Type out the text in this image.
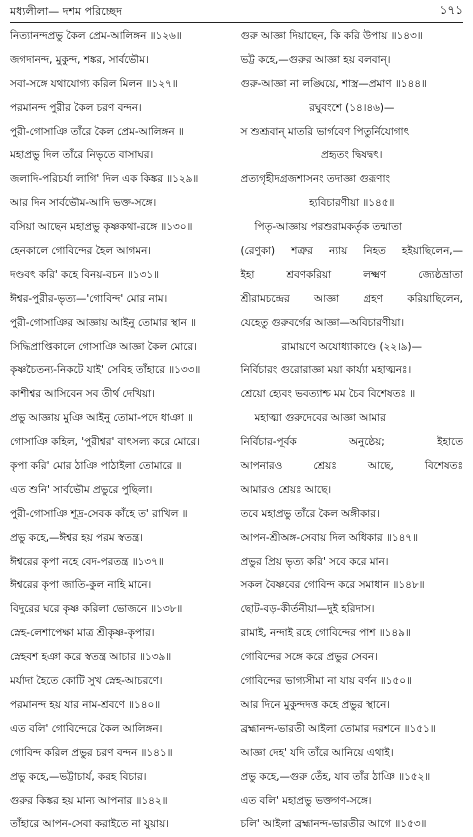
মধ্যলীলা— দশম পরিচ্ছেদ	১৭১
নিত্যানন্দপ্রভু কৈল প্রেম-আলিঙ্গন ॥১২৬॥
জগদানন্দ, মুকুন্দ, শঙ্কর, সার্বভৌম।
সবা-সঙ্গে যথাযোগ্য করিল মিলন ॥১২৭॥
পরমানন্দ পুরীর কৈল চরণ বন্দন।
পুরী-গোসাঞি তাঁরে কৈল প্রেম-আলিঙ্গন ॥
মহাপ্রভু দিল তাঁরে নিভৃতে বাসাঘর।
জলাদি-পরিচর্যা লাগি' দিল এক কিঙ্কর ॥১২৯॥
আর দিন সার্বভৌম-আদি ভক্ত-সঙ্গে।
বসিয়া আছেন মহাপ্রভু কৃষ্ণকথা-রঙ্গে ॥১৩০॥
হেনকালে গোবিন্দের হৈল আগমন।
দণ্ডবৎ করি' কহে বিনয়-বচন ॥১৩১॥
ঈশ্বর-পুরীর-ভৃত্য—'গোবিন্দ' মোর নাম।
পুরী-গোসাঞির আজ্ঞায় আইনু তোমার স্থান ॥
সিদ্ধিপ্রাপ্তিকালে গোসাঞি আজ্ঞা কৈল মোরে।
কৃষ্ণচৈতন্য-নিকটে যাই' সেবিহ তাঁহারে ॥১৩৩॥
কাশীশ্বর আসিবেন সব তীর্থ দেখিয়া।
প্রভু আজ্ঞায় মুঞি আইনু তোমা-পদে ধাঞা ॥
গোসাঞি কহিল, 'পুরীশ্বর' বাৎসল্য করে মোরে।
কৃপা করি' মোর ঠাঞি পাঠাইলা তোমারে ॥
এত শুনি' সার্বভৌম প্রভুরে পুছিলা।
পুরী-গোসাঞি শূদ্র-সেবক কাঁহে ত' রাখিল ॥
প্রভু কহে,—ঈশ্বর হয় পরম স্বতন্ত্র।
ঈশ্বরের কৃপা নহে বেদ-পরতন্ত্র ॥১৩৭॥
ঈশ্বরের কৃপা জাতি-কুল নাহি মানে।
বিদুরের ঘরে কৃষ্ণ করিলা ভোজনে ॥১৩৮॥
স্নেহ-লেশাপেক্ষা মাত্র শ্রীকৃষ্ণ-কৃপার।
স্নেহবশ হঞা করে স্বতন্ত্র আচার ॥১৩৯॥
মর্যাদা হৈতে কোটি সুখ স্নেহ-আচরণে।
পরমানন্দ হয় যার নাম-শ্রবণে ॥১৪০॥
এত বলি' গোবিন্দেরে কৈল আলিঙ্গন।
গোবিন্দ করিল প্রভুর চরণ বন্দন ॥১৪১॥
প্রভু কহে,—ভট্টাচার্য, করহ বিচার।
গুরুর কিঙ্কর হয় মান্য আপনার ॥১৪২॥
তাঁহারে আপন-সেবা করাইতে না যুয়ায়।
গুরু আজ্ঞা দিয়াছেন, কি করি উপায় ॥১৪৩॥
ভট্ট কহে,—গুরুর আজ্ঞা হয় বলবান্।
গুরু-আজ্ঞা না লঙ্ঘিয়ে, শাস্ত্র—প্রমাণ ॥১৪৪॥
রঘুবংশে (১৪।৪৬)—
স শুশ্রূবান্ মাতরি ভার্গবেণ পিতুর্নিযোগাৎ
প্রহৃতং দ্বিষদ্বৎ।
প্রত্যগৃহীদগ্রজশাসনং তদাজ্ঞা গুরূণাং
হ্যবিচারণীয়া ॥১৪৫॥
পিতৃ-আজ্ঞায় পরশুরামকর্তৃক তন্মাতা
(রেণুকা) শত্রুর ন্যায় নিহত হইয়াছিলেন,—
ইহা শ্রবণকরিয়া লক্ষ্মণ জ্যেষ্ঠভ্রাতা
শ্রীরামচন্দ্রের আজ্ঞা গ্রহণ করিয়াছিলেন,
যেহেতু গুরুবর্গের আজ্ঞা—অবিচারণীয়া।
রামায়ণে অযোধ্যাকাণ্ডে (২২।৯)—
নির্বিচারং গুরোরাজ্ঞা ময়া কার্য্যা মহাত্মনঃ।
শ্রেয়ো হ্যেবং ভবত্যাশ্চ মম চৈব বিশেষতঃ ॥
মহাত্মা গুরুদেবের আজ্ঞা আমার
নির্বিচার-পূর্বক অনুষ্ঠেয়; ইহাতে
আপনারও শ্রেয়ঃ আছে, বিশেষতঃ
আমারও শ্রেয়ঃ আছে।
তবে মহাপ্রভু তাঁরে কৈল অঙ্গীকার।
আপন-শ্রীঅঙ্গ-সেবায় দিল অধিকার ॥১৪৭॥
প্রভুর প্রিয় ভৃত্য করি' সবে করে মান।
সকল বৈষ্ণবের গোবিন্দ করে সমাধান ॥১৪৮॥
ছোট-বড়-কীর্তনীয়া—দুই হরিদাস।
রামাই, নন্দাই রহে গোবিন্দের পাশ ॥১৪৯॥
গোবিন্দের সঙ্গে করে প্রভুর সেবন।
গোবিন্দের ভাগ্যসীমা না যায় বর্ণন ॥১৫০॥
আর দিনে মুকুন্দদত্ত কহে প্রভুর স্থানে।
ব্রহ্মানন্দ-ভারতী আইলা তোমার দরশনে ॥১৫১॥
আজ্ঞা দেহ' যদি তাঁরে আনিয়ে এথাই।
প্রভু কহে,—গুরু তেঁহ, যাব তাঁর ঠাঞি ॥১৫২॥
এত বলি' মহাপ্রভু ভক্তগণ-সঙ্গে।
চলি' আইলা ব্রহ্মানন্দ-ভারতীর আগে ॥১৫৩॥
